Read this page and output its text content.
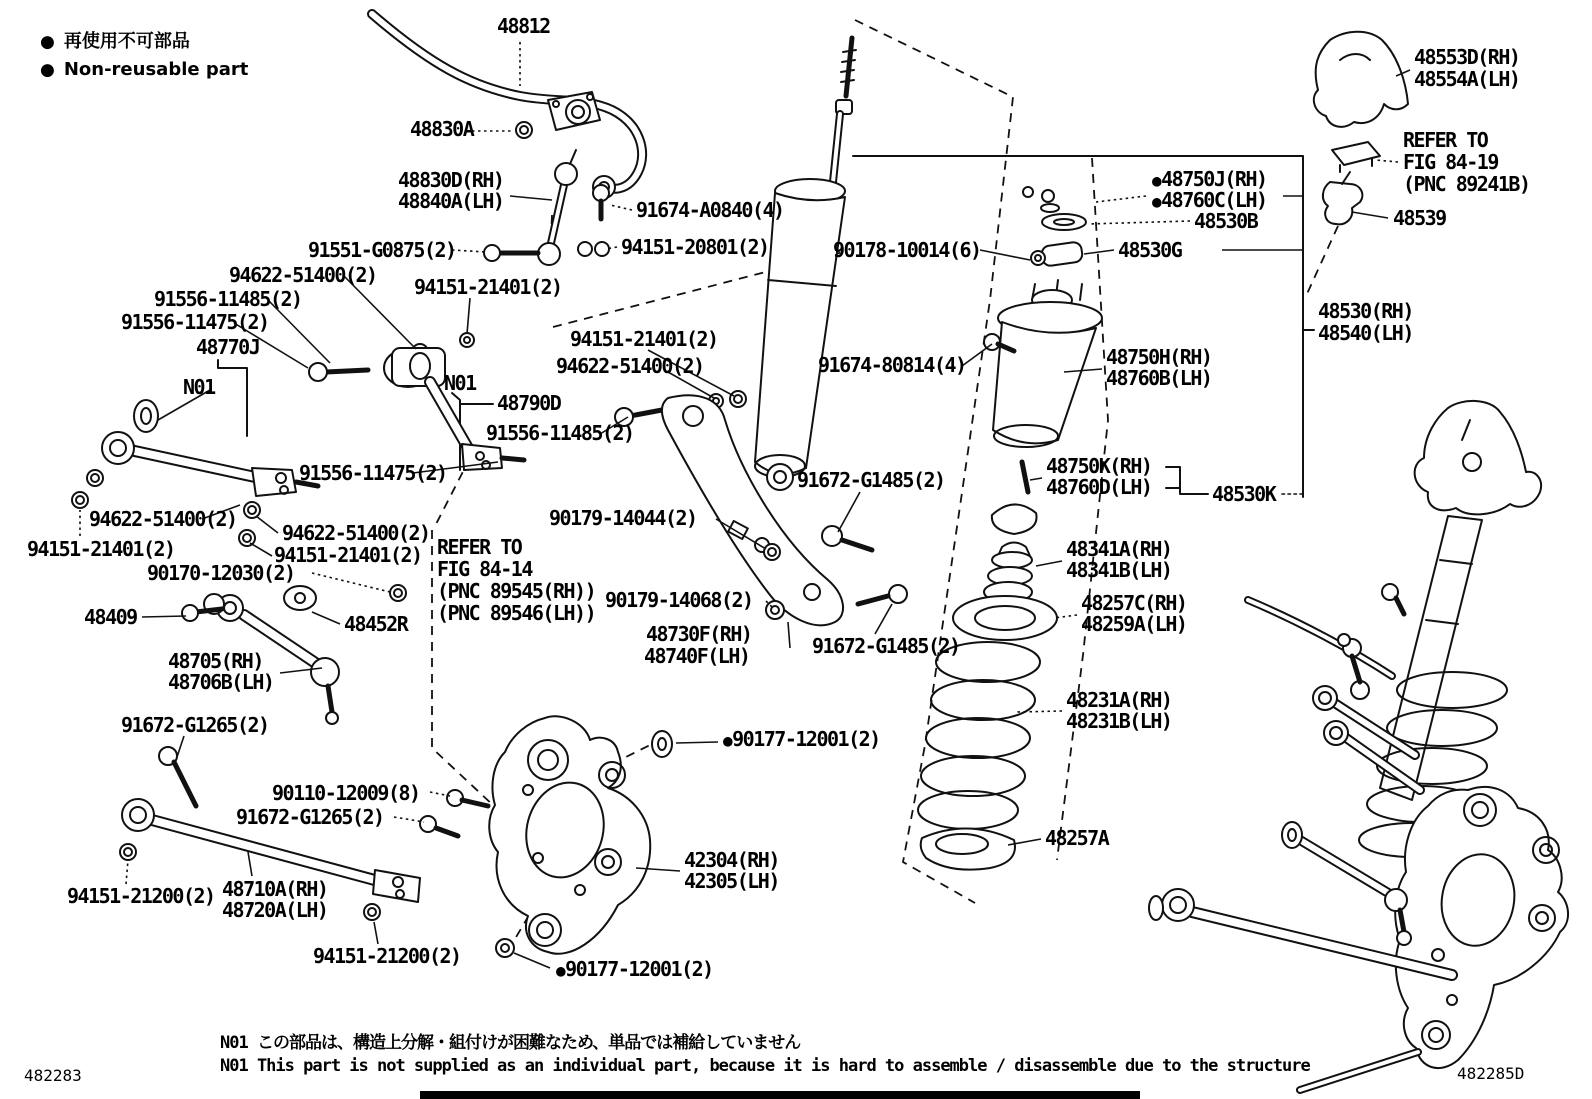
● 再使用不可部品
● Non-reusable part
48812
48830A
48830D(RH)
48840A(LH)	91674-A0840(4)
94151-20801(2)
91551-G0875(2)
94622-51400(2)
91556-11485(2)
91556-11475(2)
48770J
N01
94151-21401(2)
94151-21401(2)
94622-51400(2)
N01
48790D
91556-11485(2)
91556-11475(2)
94622-51400(2)
94151-21401(2)
94622-51400(2)
94151-21401(2)
90170-12030(2)
48409	48452R
48705(RH)
48706B(LH)
91672-G1265(2)
REFER TO
FIG 84-14
(PNC 89545(RH))
(PNC 89546(LH))
90179-14044(2)
90179-14068(2)
48730F(RH)
48740F(LH)
91672-G1485(2)
91672-G1485(2)
91674-80814(4)
90110-12009(8)
91672-G1265(2)
94151-21200(2) 48710A(RH)
48720A(LH)
94151-21200(2)
●90177-12001(2)
42304(RH)
42305(LH)
●90177-12001(2)
48553D(RH)
48554A(LH)
REFER TO
FIG 84-19
(PNC 89241B)
48539
●48750J(RH)
●48760C(LH)
48530B
48530G
90178-10014(6)
48530(RH)
48540(LH)
48750H(RH)
48760B(LH)
48750K(RH)
48760D(LH)	48530K
48341A(RH)
48341B(LH)
48257C(RH)
48259A(LH)
48231A(RH)
48231B(LH)
48257A
N01 この部品は、構造上分解・組付けが困難なため、単品では補給していません
N01 This part is not supplied as an individual part, because it is hard to assemble / disassemble due to the structure
482283	482285D
